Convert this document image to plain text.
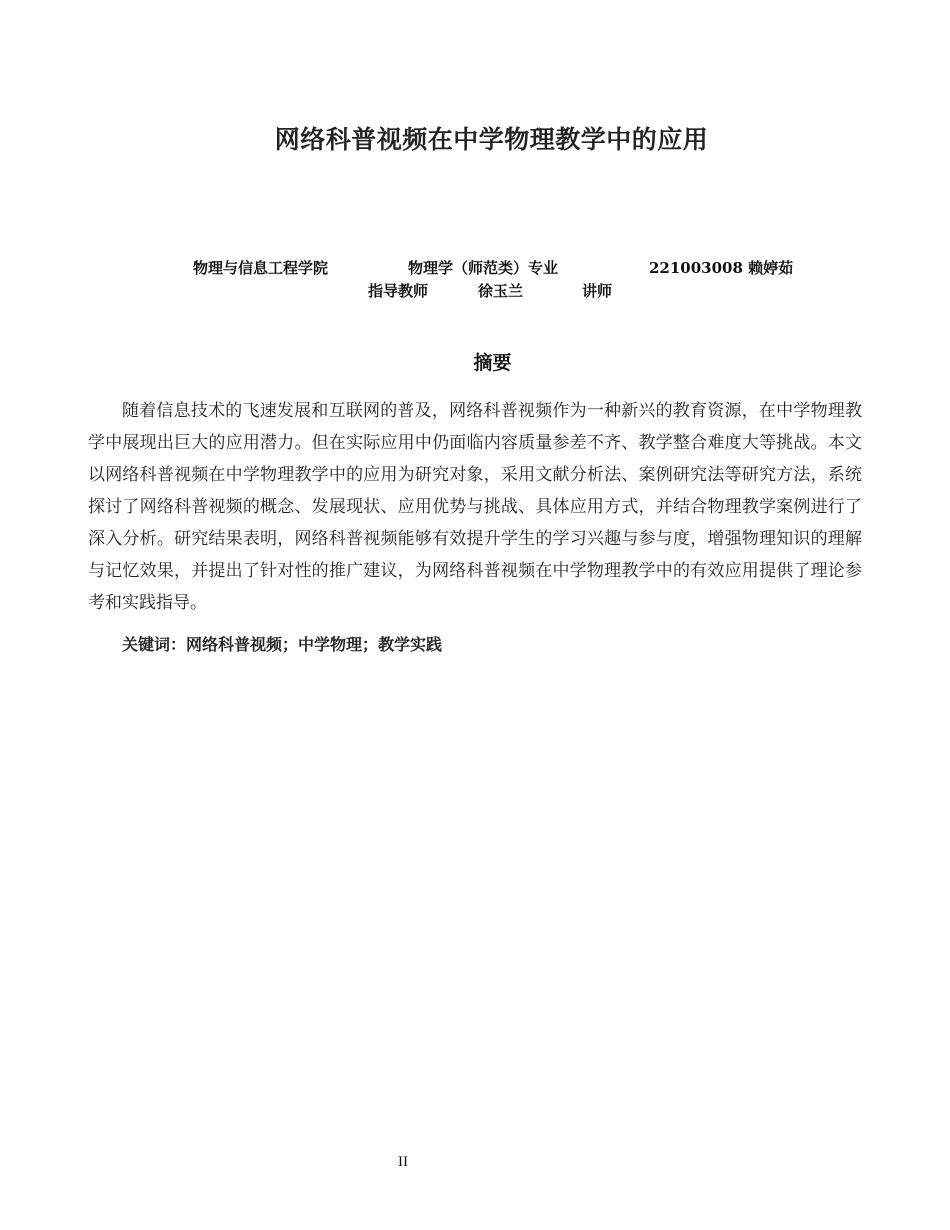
网络科普视频在中学物理教学中的应用
物理与信息工程学院	物理学（师范类）专业	221003008 赖婷茹
指导教师	徐玉兰	讲师
摘要

随着信息技术的飞速发展和互联网的普及，网络科普视频作为一种新兴的教育资源，在中学物理教学中展现出巨大的应用潜力。但在实际应用中仍面临内容质量参差不齐、教学整合难度大等挑战。本文以网络科普视频在中学物理教学中的应用为研究对象，采用文献分析法、案例研究法等研究方法，系统探讨了网络科普视频的概念、发展现状、应用优势与挑战、具体应用方式，并结合物理教学案例进行了深入分析。研究结果表明，网络科普视频能够有效提升学生的学习兴趣与参与度，增强物理知识的理解与记忆效果，并提出了针对性的推广建议，为网络科普视频在中学物理教学中的有效应用提供了理论参考和实践指导。

关键词：网络科普视频；中学物理；教学实践
II
